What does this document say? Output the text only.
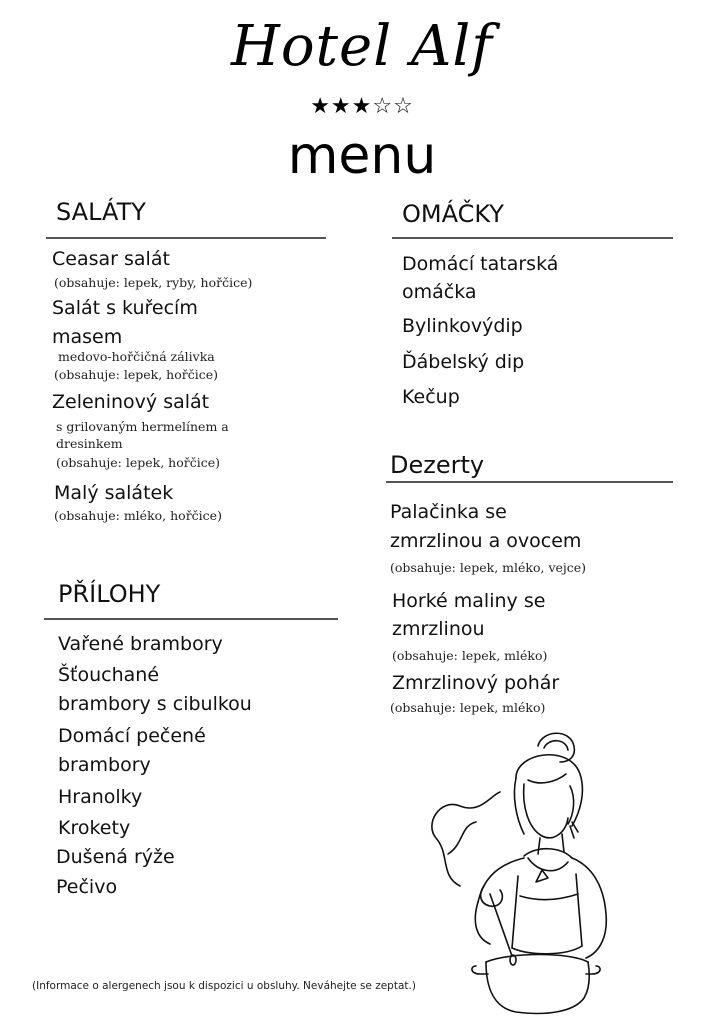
Hotel Alf
★★★☆☆
menu
SALÁTY
Ceasar salát
(obsahuje: lepek, ryby, hořčice)
Salát s kuřecím
masem
medovo-hořčičná zálivka
(obsahuje: lepek, hořčice)
Zeleninový salát
s grilovaným hermelínem a
dresinkem
(obsahuje: lepek, hořčice)
Malý salátek
(obsahuje: mléko, hořčice)
PŘÍLOHY
Vařené brambory
Šťouchané
brambory s cibulkou
Domácí pečené
brambory
Hranolky
Krokety
Dušená rýže
Pečivo
OMÁČKY
Domácí tatarská
omáčka
Bylinkovýdip
Ďábelský dip
Kečup
Dezerty
Palačinka se
zmrzlinou a ovocem
(obsahuje: lepek, mléko, vejce)
Horké maliny se
zmrzlinou
(obsahuje: lepek, mléko)
Zmrzlinový pohár
(obsahuje: lepek, mléko)
(Informace o alergenech jsou k dispozici u obsluhy. Neváhejte se zeptat.)
